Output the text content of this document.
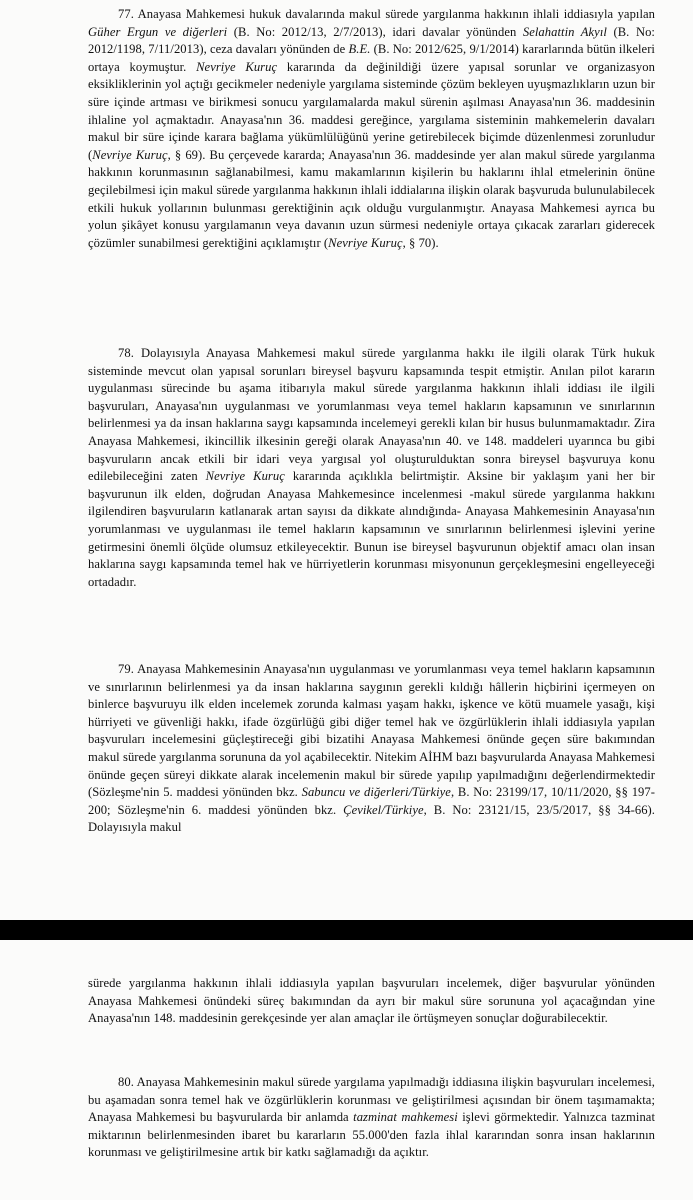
77. Anayasa Mahkemesi hukuk davalarında makul sürede yargılanma hakkının ihlali iddiasıyla yapılan Güher Ergun ve diğerleri (B. No: 2012/13, 2/7/2013), idari davalar yönünden Selahattin Akyıl (B. No: 2012/1198, 7/11/2013), ceza davaları yönünden de B.E. (B. No: 2012/625, 9/1/2014) kararlarında bütün ilkeleri ortaya koymuştur. Nevriye Kuruç kararında da değinildiği üzere yapısal sorunlar ve organizasyon eksikliklerinin yol açtığı gecikmeler nedeniyle yargılama sisteminde çözüm bekleyen uyuşmazlıkların uzun bir süre içinde artması ve birikmesi sonucu yargılamalarda makul sürenin aşılması Anayasa'nın 36. maddesinin ihlaline yol açmaktadır. Anayasa'nın 36. maddesi gereğince, yargılama sisteminin mahkemelerin davaları makul bir süre içinde karara bağlama yükümlülüğünü yerine getirebilecek biçimde düzenlenmesi zorunludur (Nevriye Kuruç, § 69). Bu çerçevede kararda; Anayasa'nın 36. maddesinde yer alan makul sürede yargılanma hakkının korunmasının sağlanabilmesi, kamu makamlarının kişilerin bu haklarını ihlal etmelerinin önüne geçilebilmesi için makul sürede yargılanma hakkının ihlali iddialarına ilişkin olarak başvuruda bulunulabilecek etkili hukuk yollarının bulunması gerektiğinin açık olduğu vurgulanmıştır. Anayasa Mahkemesi ayrıca bu yolun şikâyet konusu yargılamanın veya davanın uzun sürmesi nedeniyle ortaya çıkacak zararları giderecek çözümler sunabilmesi gerektiğini açıklamıştır (Nevriye Kuruç, § 70).

78. Dolayısıyla Anayasa Mahkemesi makul sürede yargılanma hakkı ile ilgili olarak Türk hukuk sisteminde mevcut olan yapısal sorunları bireysel başvuru kapsamında tespit etmiştir. Anılan pilot kararın uygulanması sürecinde bu aşama itibarıyla makul sürede yargılanma hakkının ihlali iddiası ile ilgili başvuruları, Anayasa'nın uygulanması ve yorumlanması veya temel hakların kapsamının ve sınırlarının belirlenmesi ya da insan haklarına saygı kapsamında incelemeyi gerekli kılan bir husus bulunmamaktadır. Zira Anayasa Mahkemesi, ikincillik ilkesinin gereği olarak Anayasa'nın 40. ve 148. maddeleri uyarınca bu gibi başvuruların ancak etkili bir idari veya yargısal yol oluşturulduktan sonra bireysel başvuruya konu edilebileceğini zaten Nevriye Kuruç kararında açıklıkla belirtmiştir. Aksine bir yaklaşım yani her bir başvurunun ilk elden, doğrudan Anayasa Mahkemesince incelenmesi -makul sürede yargılanma hakkını ilgilendiren başvuruların katlanarak artan sayısı da dikkate alındığında- Anayasa Mahkemesinin Anayasa'nın yorumlanması ve uygulanması ile temel hakların kapsamının ve sınırlarının belirlenmesi işlevini yerine getirmesini önemli ölçüde olumsuz etkileyecektir. Bunun ise bireysel başvurunun objektif amacı olan insan haklarına saygı kapsamında temel hak ve hürriyetlerin korunması misyonunun gerçekleşmesini engelleyeceği ortadadır.

79. Anayasa Mahkemesinin Anayasa'nın uygulanması ve yorumlanması veya temel hakların kapsamının ve sınırlarının belirlenmesi ya da insan haklarına saygının gerekli kıldığı hâllerin hiçbirini içermeyen on binlerce başvuruyu ilk elden incelemek zorunda kalması yaşam hakkı, işkence ve kötü muamele yasağı, kişi hürriyeti ve güvenliği hakkı, ifade özgürlüğü gibi diğer temel hak ve özgürlüklerin ihlali iddiasıyla yapılan başvuruları incelemesini güçleştireceği gibi bizatihi Anayasa Mahkemesi önünde geçen süre bakımından makul sürede yargılanma sorununa da yol açabilecektir. Nitekim AİHM bazı başvurularda Anayasa Mahkemesi önünde geçen süreyi dikkate alarak incelemenin makul bir sürede yapılıp yapılmadığını değerlendirmektedir (Sözleşme'nin 5. maddesi yönünden bkz. Sabuncu ve diğerleri/Türkiye, B. No: 23199/17, 10/11/2020, §§ 197-200; Sözleşme'nin 6. maddesi yönünden bkz. Çevikel/Türkiye, B. No: 23121/15, 23/5/2017, §§ 34-66). Dolayısıyla makul

sürede yargılanma hakkının ihlali iddiasıyla yapılan başvuruları incelemek, diğer başvurular yönünden Anayasa Mahkemesi önündeki süreç bakımından da ayrı bir makul süre sorununa yol açacağından yine Anayasa'nın 148. maddesinin gerekçesinde yer alan amaçlar ile örtüşmeyen sonuçlar doğurabilecektir.

80. Anayasa Mahkemesinin makul sürede yargılama yapılmadığı iddiasına ilişkin başvuruları incelemesi, bu aşamadan sonra temel hak ve özgürlüklerin korunması ve geliştirilmesi açısından bir önem taşımamakta; Anayasa Mahkemesi bu başvurularda bir anlamda tazminat mahkemesi işlevi görmektedir. Yalnızca tazminat miktarının belirlenmesinden ibaret bu kararların 55.000'den fazla ihlal kararından sonra insan haklarının korunması ve geliştirilmesine artık bir katkı sağlamadığı da açıktır.
